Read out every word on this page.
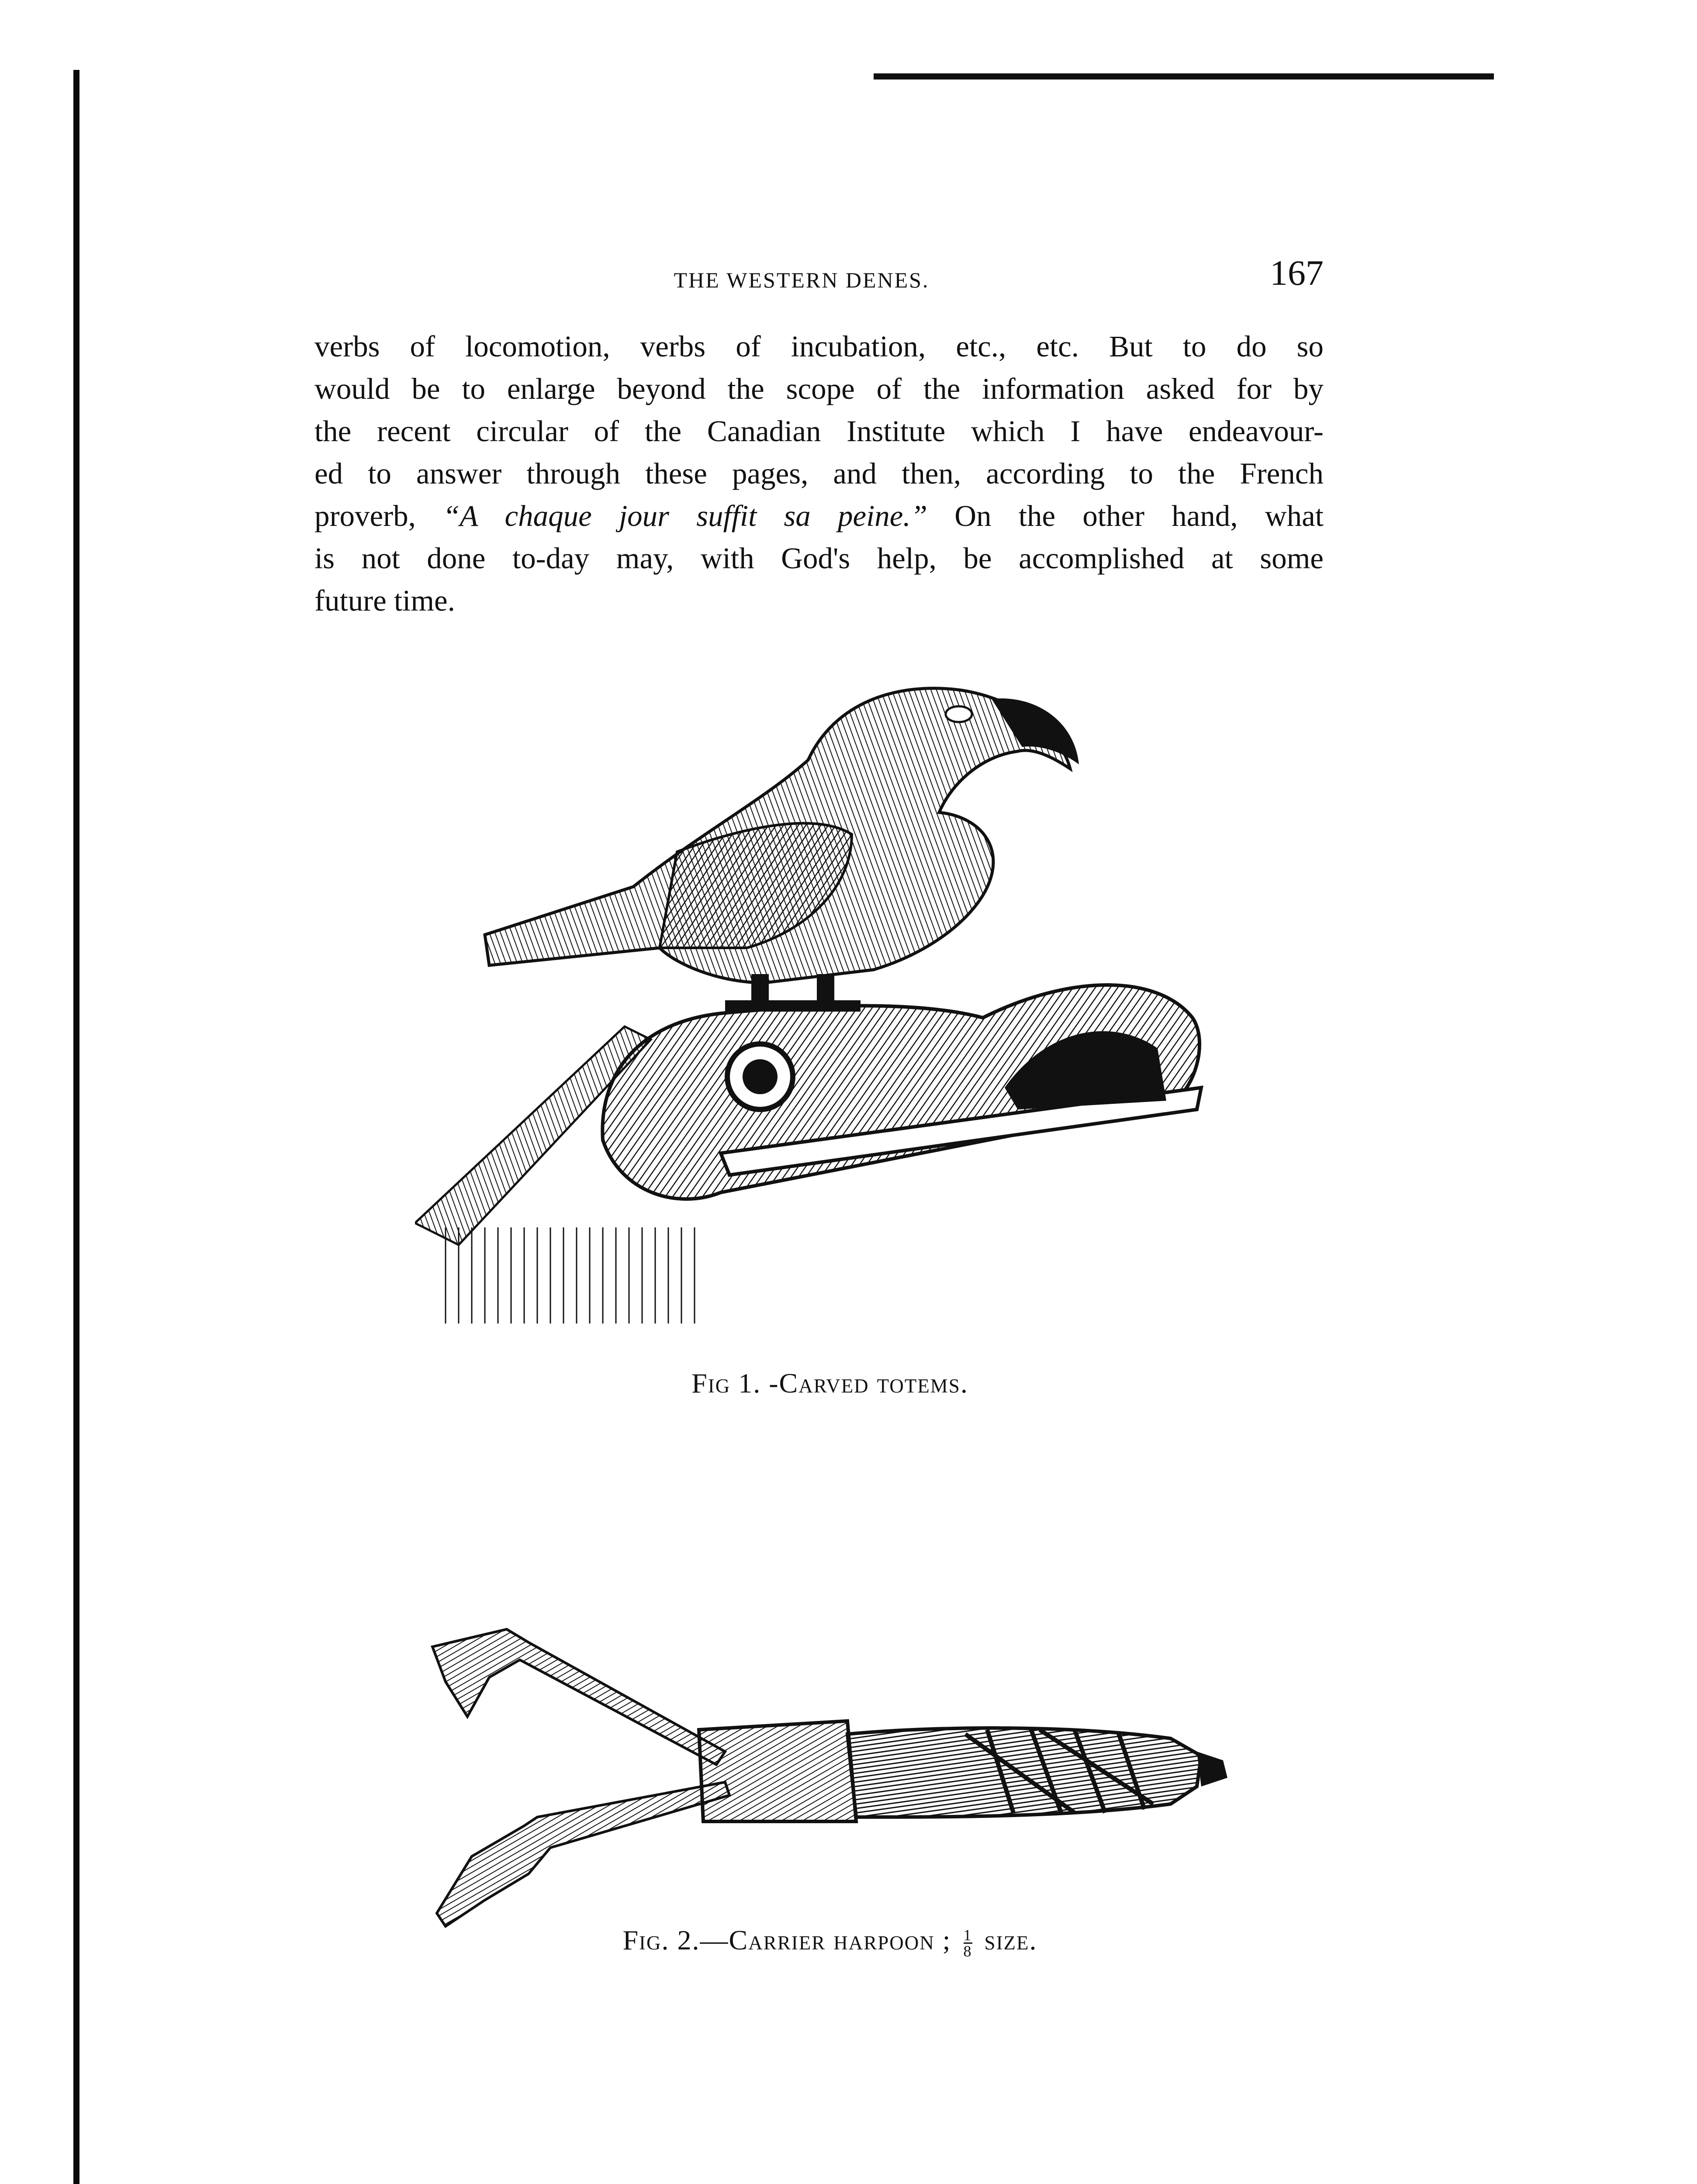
THE WESTERN DENES.	167
verbs of locomotion, verbs of incubation, etc., etc. But to do so
would be to enlarge beyond the scope of the information asked for by
the recent circular of the Canadian Institute which I have endeavour-
ed to answer through these pages, and then, according to the French
proverb, “A chaque jour suffit sa peine.” On the other hand, what
is not done to-day may, with God's help, be accomplished at some
future time.
Fig 1. -Carved totems.
Fig. 2.—Carrier harpoon ; $\frac{1}{8}$ size.
